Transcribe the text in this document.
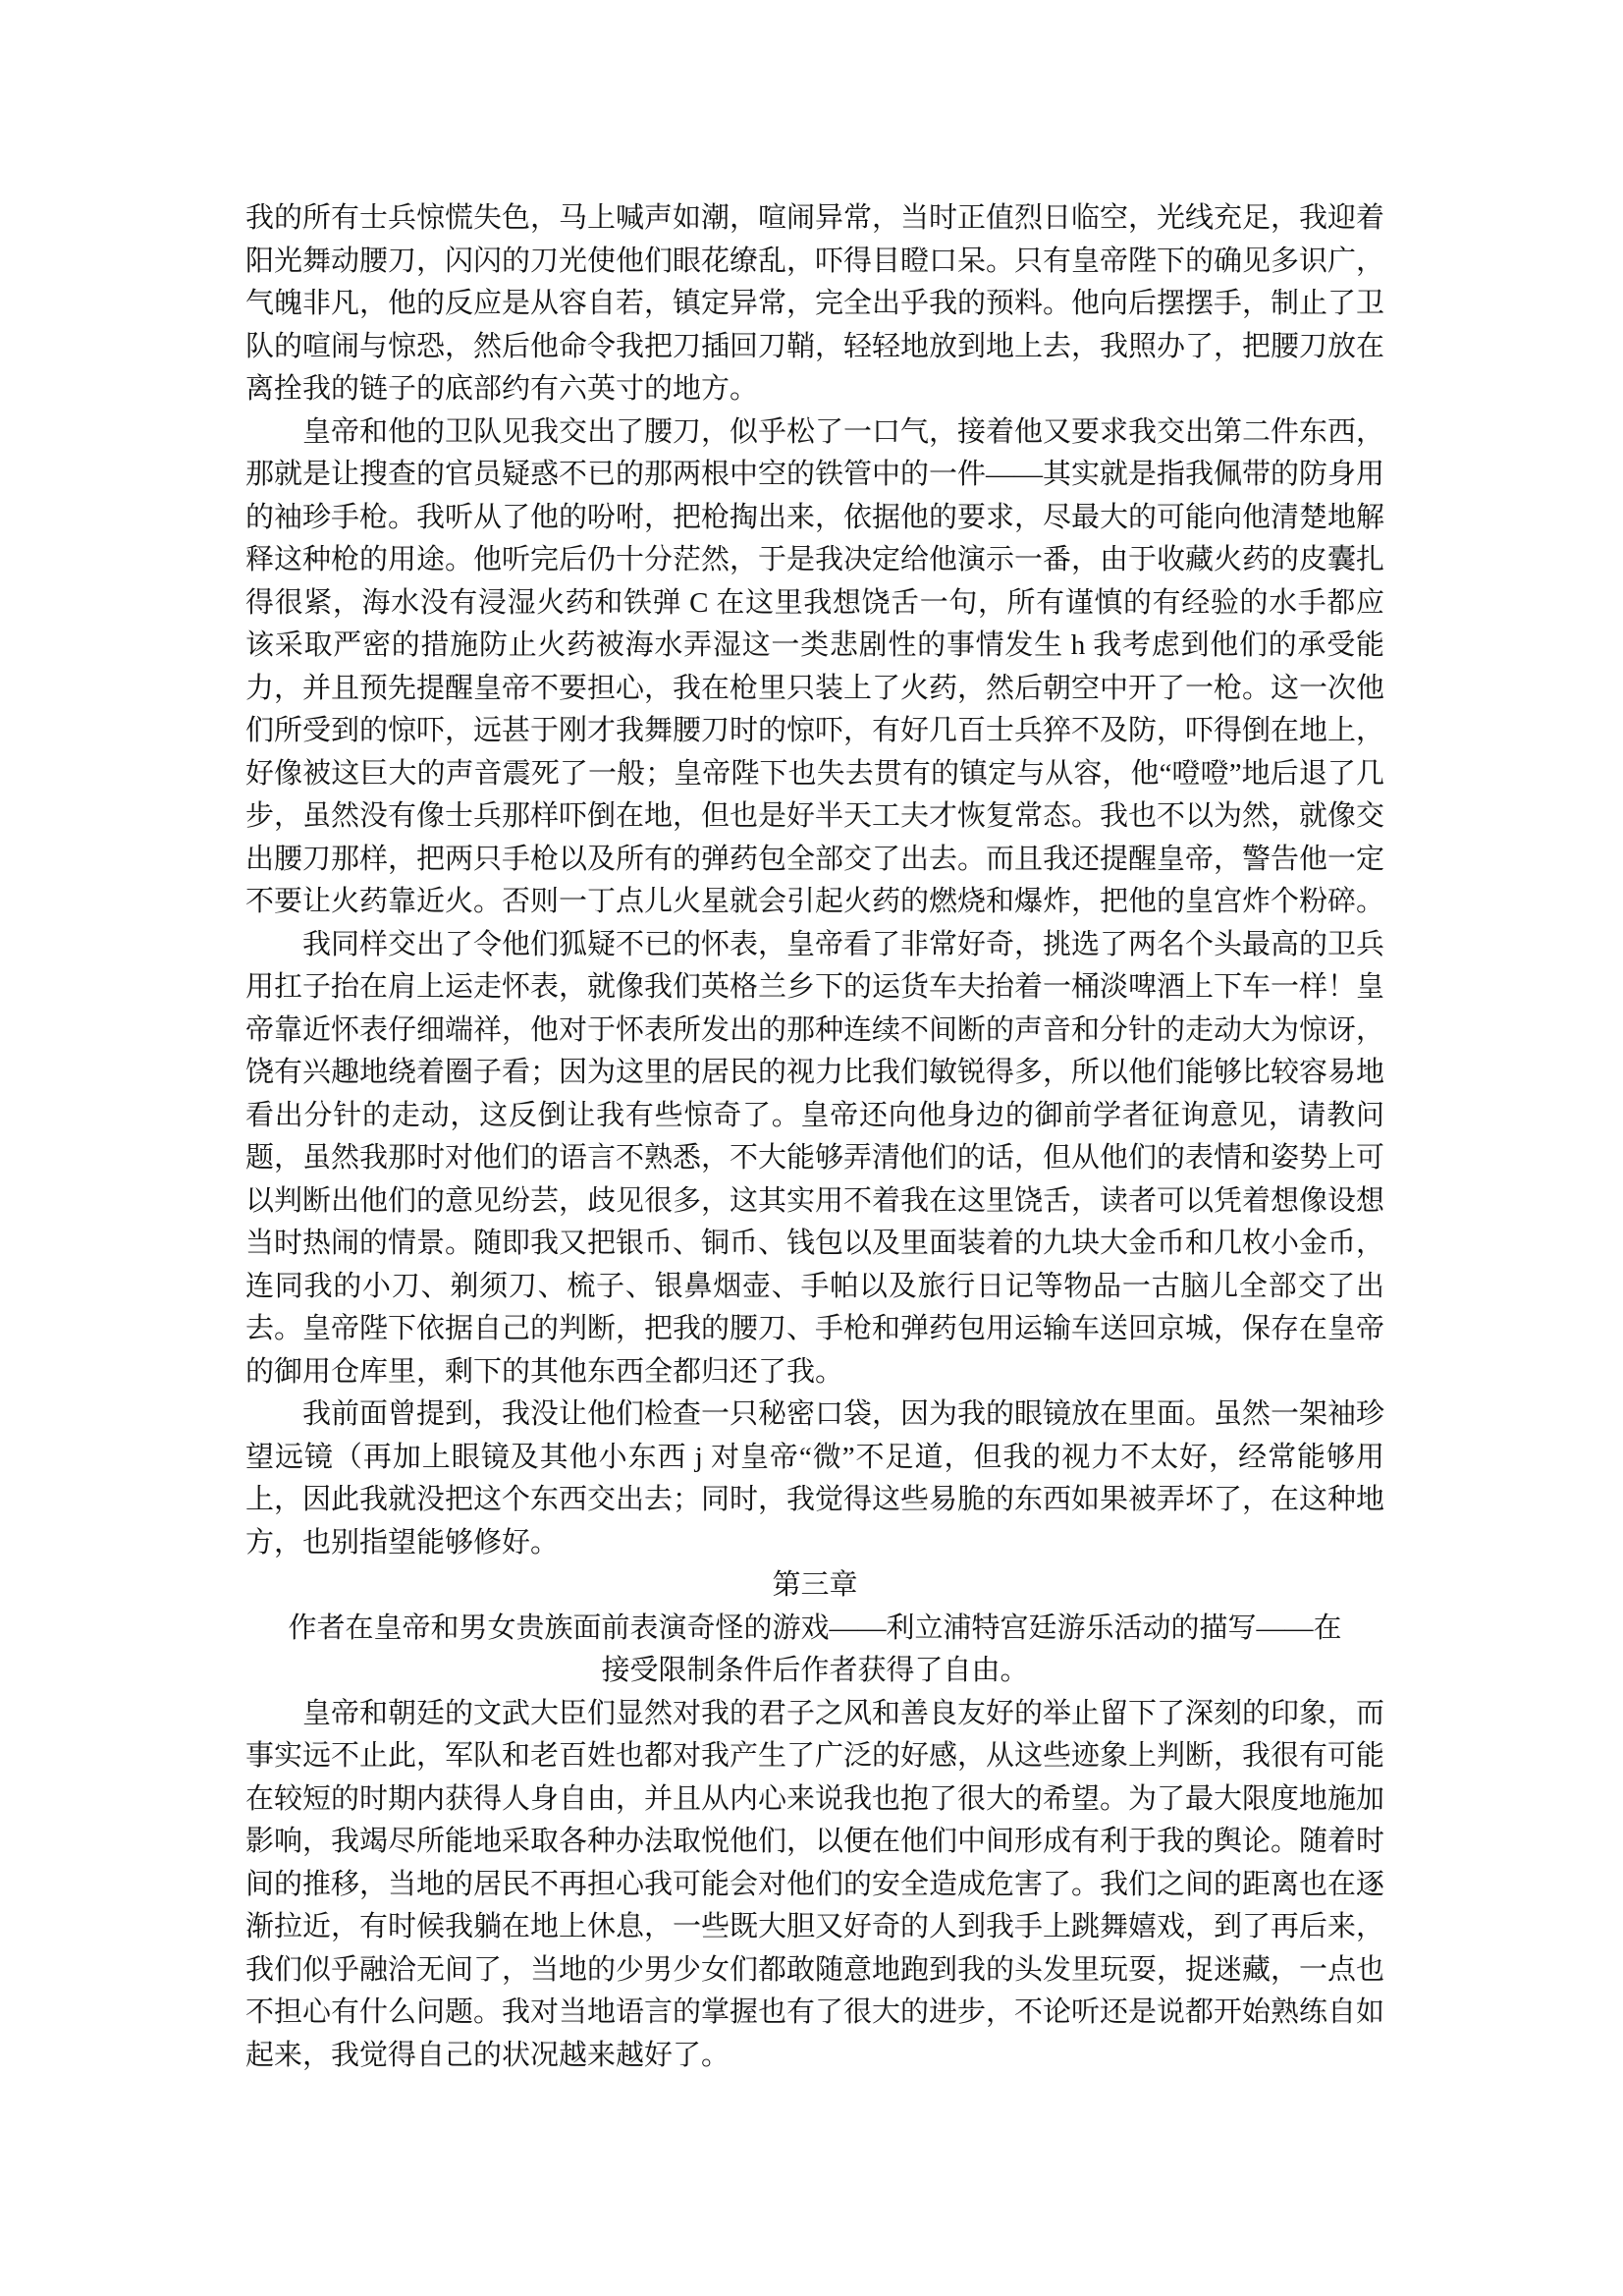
我的所有士兵惊慌失色，马上喊声如潮，喧闹异常，当时正值烈日临空，光线充足，我迎着阳光舞动腰刀，闪闪的刀光使他们眼花缭乱，吓得目瞪口呆。只有皇帝陛下的确见多识广，气魄非凡，他的反应是从容自若，镇定异常，完全出乎我的预料。他向后摆摆手，制止了卫队的喧闹与惊恐，然后他命令我把刀插回刀鞘，轻轻地放到地上去，我照办了，把腰刀放在离拴我的链子的底部约有六英寸的地方。

皇帝和他的卫队见我交出了腰刀，似乎松了一口气，接着他又要求我交出第二件东西，那就是让搜查的官员疑惑不已的那两根中空的铁管中的一件——其实就是指我佩带的防身用的袖珍手枪。我听从了他的吩咐，把枪掏出来，依据他的要求，尽最大的可能向他清楚地解释这种枪的用途。他听完后仍十分茫然，于是我决定给他演示一番，由于收藏火药的皮囊扎得很紧，海水没有浸湿火药和铁弹 C 在这里我想饶舌一句，所有谨慎的有经验的水手都应该采取严密的措施防止火药被海水弄湿这一类悲剧性的事情发生 h 我考虑到他们的承受能力，并且预先提醒皇帝不要担心，我在枪里只装上了火药，然后朝空中开了一枪。这一次他们所受到的惊吓，远甚于刚才我舞腰刀时的惊吓，有好几百士兵猝不及防，吓得倒在地上，好像被这巨大的声音震死了一般；皇帝陛下也失去贯有的镇定与从容，他“噔噔”地后退了几步，虽然没有像士兵那样吓倒在地，但也是好半天工夫才恢复常态。我也不以为然，就像交出腰刀那样，把两只手枪以及所有的弹药包全部交了出去。而且我还提醒皇帝，警告他一定不要让火药靠近火。否则一丁点儿火星就会引起火药的燃烧和爆炸，把他的皇宫炸个粉碎。

我同样交出了令他们狐疑不已的怀表，皇帝看了非常好奇，挑选了两名个头最高的卫兵用扛子抬在肩上运走怀表，就像我们英格兰乡下的运货车夫抬着一桶淡啤酒上下车一样！皇帝靠近怀表仔细端祥，他对于怀表所发出的那种连续不间断的声音和分针的走动大为惊讶，饶有兴趣地绕着圈子看；因为这里的居民的视力比我们敏锐得多，所以他们能够比较容易地看出分针的走动，这反倒让我有些惊奇了。皇帝还向他身边的御前学者征询意见，请教问题，虽然我那时对他们的语言不熟悉，不大能够弄清他们的话，但从他们的表情和姿势上可以判断出他们的意见纷芸，歧见很多，这其实用不着我在这里饶舌，读者可以凭着想像设想当时热闹的情景。随即我又把银币、铜币、钱包以及里面装着的九块大金币和几枚小金币，连同我的小刀、剃须刀、梳子、银鼻烟壶、手帕以及旅行日记等物品一古脑儿全部交了出去。皇帝陛下依据自己的判断，把我的腰刀、手枪和弹药包用运输车送回京城，保存在皇帝的御用仓库里，剩下的其他东西全都归还了我。

我前面曾提到，我没让他们检查一只秘密口袋，因为我的眼镜放在里面。虽然一架袖珍望远镜（再加上眼镜及其他小东西 j 对皇帝“微”不足道，但我的视力不太好，经常能够用上，因此我就没把这个东西交出去；同时，我觉得这些易脆的东西如果被弄坏了，在这种地方，也别指望能够修好。

第三章

作者在皇帝和男女贵族面前表演奇怪的游戏——利立浦特宫廷游乐活动的描写——在

接受限制条件后作者获得了自由。

皇帝和朝廷的文武大臣们显然对我的君子之风和善良友好的举止留下了深刻的印象，而事实远不止此，军队和老百姓也都对我产生了广泛的好感，从这些迹象上判断，我很有可能在较短的时期内获得人身自由，并且从内心来说我也抱了很大的希望。为了最大限度地施加影响，我竭尽所能地采取各种办法取悦他们，以便在他们中间形成有利于我的舆论。随着时间的推移，当地的居民不再担心我可能会对他们的安全造成危害了。我们之间的距离也在逐渐拉近，有时候我躺在地上休息，一些既大胆又好奇的人到我手上跳舞嬉戏，到了再后来，我们似乎融洽无间了，当地的少男少女们都敢随意地跑到我的头发里玩耍，捉迷藏，一点也不担心有什么问题。我对当地语言的掌握也有了很大的进步，不论听还是说都开始熟练自如起来，我觉得自己的状况越来越好了。
